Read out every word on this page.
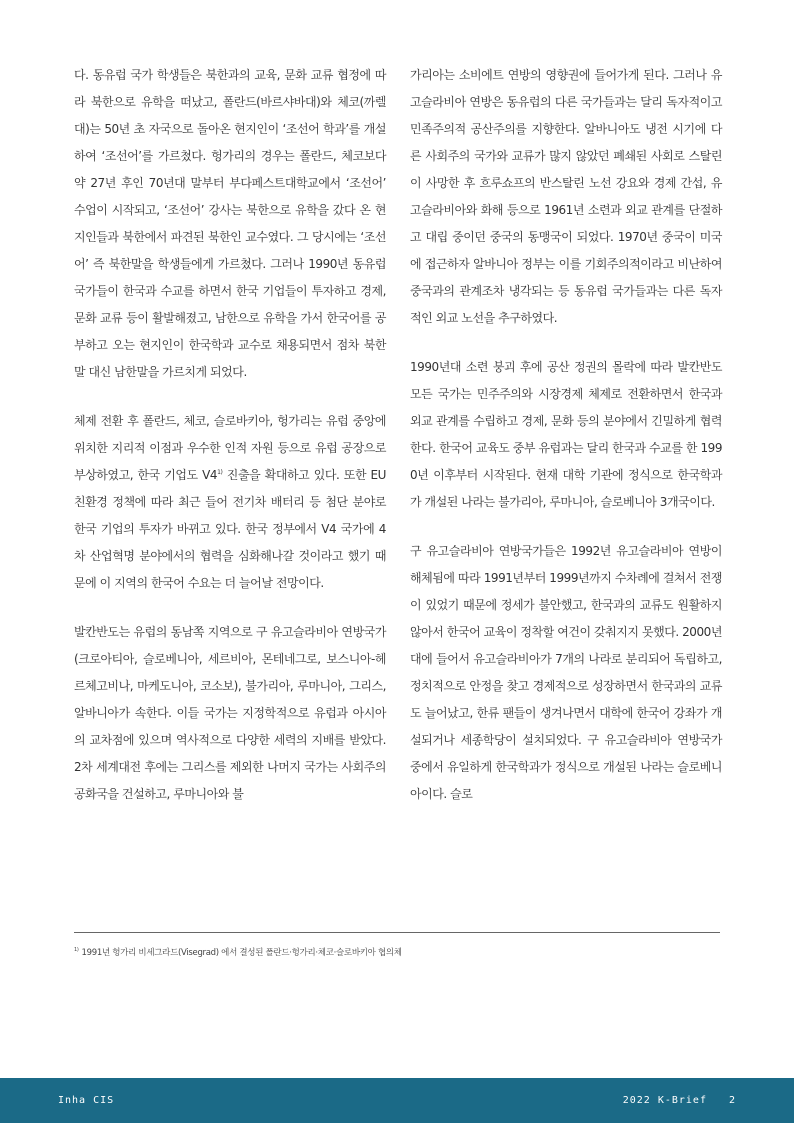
다. 동유럽 국가 학생들은 북한과의 교육, 문화 교류 협정에 따라 북한으로 유학을 떠났고, 폴란드(바르샤바대)와 체코(까렐대)는 50년 초 자국으로 돌아온 현지인이 ‘조선어 학과’를 개설하여 ‘조선어’를 가르쳤다. 헝가리의 경우는 폴란드, 체코보다 약 27년 후인 70년대 말부터 부다페스트대학교에서 ‘조선어’ 수업이 시작되고, ‘조선어’ 강사는 북한으로 유학을 갔다 온 현지인들과 북한에서 파견된 북한인 교수였다. 그 당시에는 ‘조선어’ 즉 북한말을 학생들에게 가르쳤다. 그러나 1990년 동유럽 국가들이 한국과 수교를 하면서 한국 기업들이 투자하고 경제, 문화 교류 등이 활발해졌고, 남한으로 유학을 가서 한국어를 공부하고 오는 현지인이 한국학과 교수로 채용되면서 점차 북한말 대신 남한말을 가르치게 되었다.

체제 전환 후 폴란드, 체코, 슬로바키아, 헝가리는 유럽 중앙에 위치한 지리적 이점과 우수한 인적 자원 등으로 유럽 공장으로 부상하였고, 한국 기업도 V4$^{1)}$ 진출을 확대하고 있다. 또한 EU 친환경 정책에 따라 최근 들어 전기차 배터리 등 첨단 분야로 한국 기업의 투자가 바뀌고 있다. 한국 정부에서 V4 국가에 4차 산업혁명 분야에서의 협력을 심화해나갈 것이라고 했기 때문에 이 지역의 한국어 수요는 더 늘어날 전망이다.

발칸반도는 유럽의 동남쪽 지역으로 구 유고슬라비아 연방국가(크로아티아, 슬로베니아, 세르비아, 몬테네그로, 보스니아-헤르체고비나, 마케도니아, 코소보), 불가리아, 루마니아, 그리스, 알바니아가 속한다. 이들 국가는 지정학적으로 유럽과 아시아의 교차점에 있으며 역사적으로 다양한 세력의 지배를 받았다. 2차 세계대전 후에는 그리스를 제외한 나머지 국가는 사회주의 공화국을 건설하고, 루마니아와 불

가리아는 소비에트 연방의 영향권에 들어가게 된다. 그러나 유고슬라비아 연방은 동유럽의 다른 국가들과는 달리 독자적이고 민족주의적 공산주의를 지향한다. 알바니아도 냉전 시기에 다른 사회주의 국가와 교류가 많지 않았던 폐쇄된 사회로 스탈린이 사망한 후 흐루쇼프의 반스탈린 노선 강요와 경제 간섭, 유고슬라비아와 화해 등으로 1961년 소련과 외교 관계를 단절하고 대립 중이던 중국의 동맹국이 되었다. 1970년 중국이 미국에 접근하자 알바니아 정부는 이를 기회주의적이라고 비난하여 중국과의 관계조차 냉각되는 등 동유럽 국가들과는 다른 독자적인 외교 노선을 추구하였다.

1990년대 소련 붕괴 후에 공산 정권의 몰락에 따라 발칸반도 모든 국가는 민주주의와 시장경제 체제로 전환하면서 한국과 외교 관계를 수립하고 경제, 문화 등의 분야에서 긴밀하게 협력한다. 한국어 교육도 중부 유럽과는 달리 한국과 수교를 한 1990년 이후부터 시작된다. 현재 대학 기관에 정식으로 한국학과가 개설된 나라는 불가리아, 루마니아, 슬로베니아 3개국이다.

구 유고슬라비아 연방국가들은 1992년 유고슬라비아 연방이 해체됨에 따라 1991년부터 1999년까지 수차례에 걸쳐서 전쟁이 있었기 때문에 정세가 불안했고, 한국과의 교류도 원활하지 않아서 한국어 교육이 정착할 여건이 갖춰지지 못했다. 2000년대에 들어서 유고슬라비아가 7개의 나라로 분리되어 독립하고, 정치적으로 안정을 찾고 경제적으로 성장하면서 한국과의 교류도 늘어났고, 한류 팬들이 생겨나면서 대학에 한국어 강좌가 개설되거나 세종학당이 설치되었다. 구 유고슬라비아 연방국가 중에서 유일하게 한국학과가 정식으로 개설된 나라는 슬로베니아이다. 슬로

$^{1)}$ 1991년 헝가리 비세그라드(Visegrad) 에서 결성된 폴란드·헝가리·체코·슬로바키아 협의체
Inha CIS	2022 K-Brief 2
